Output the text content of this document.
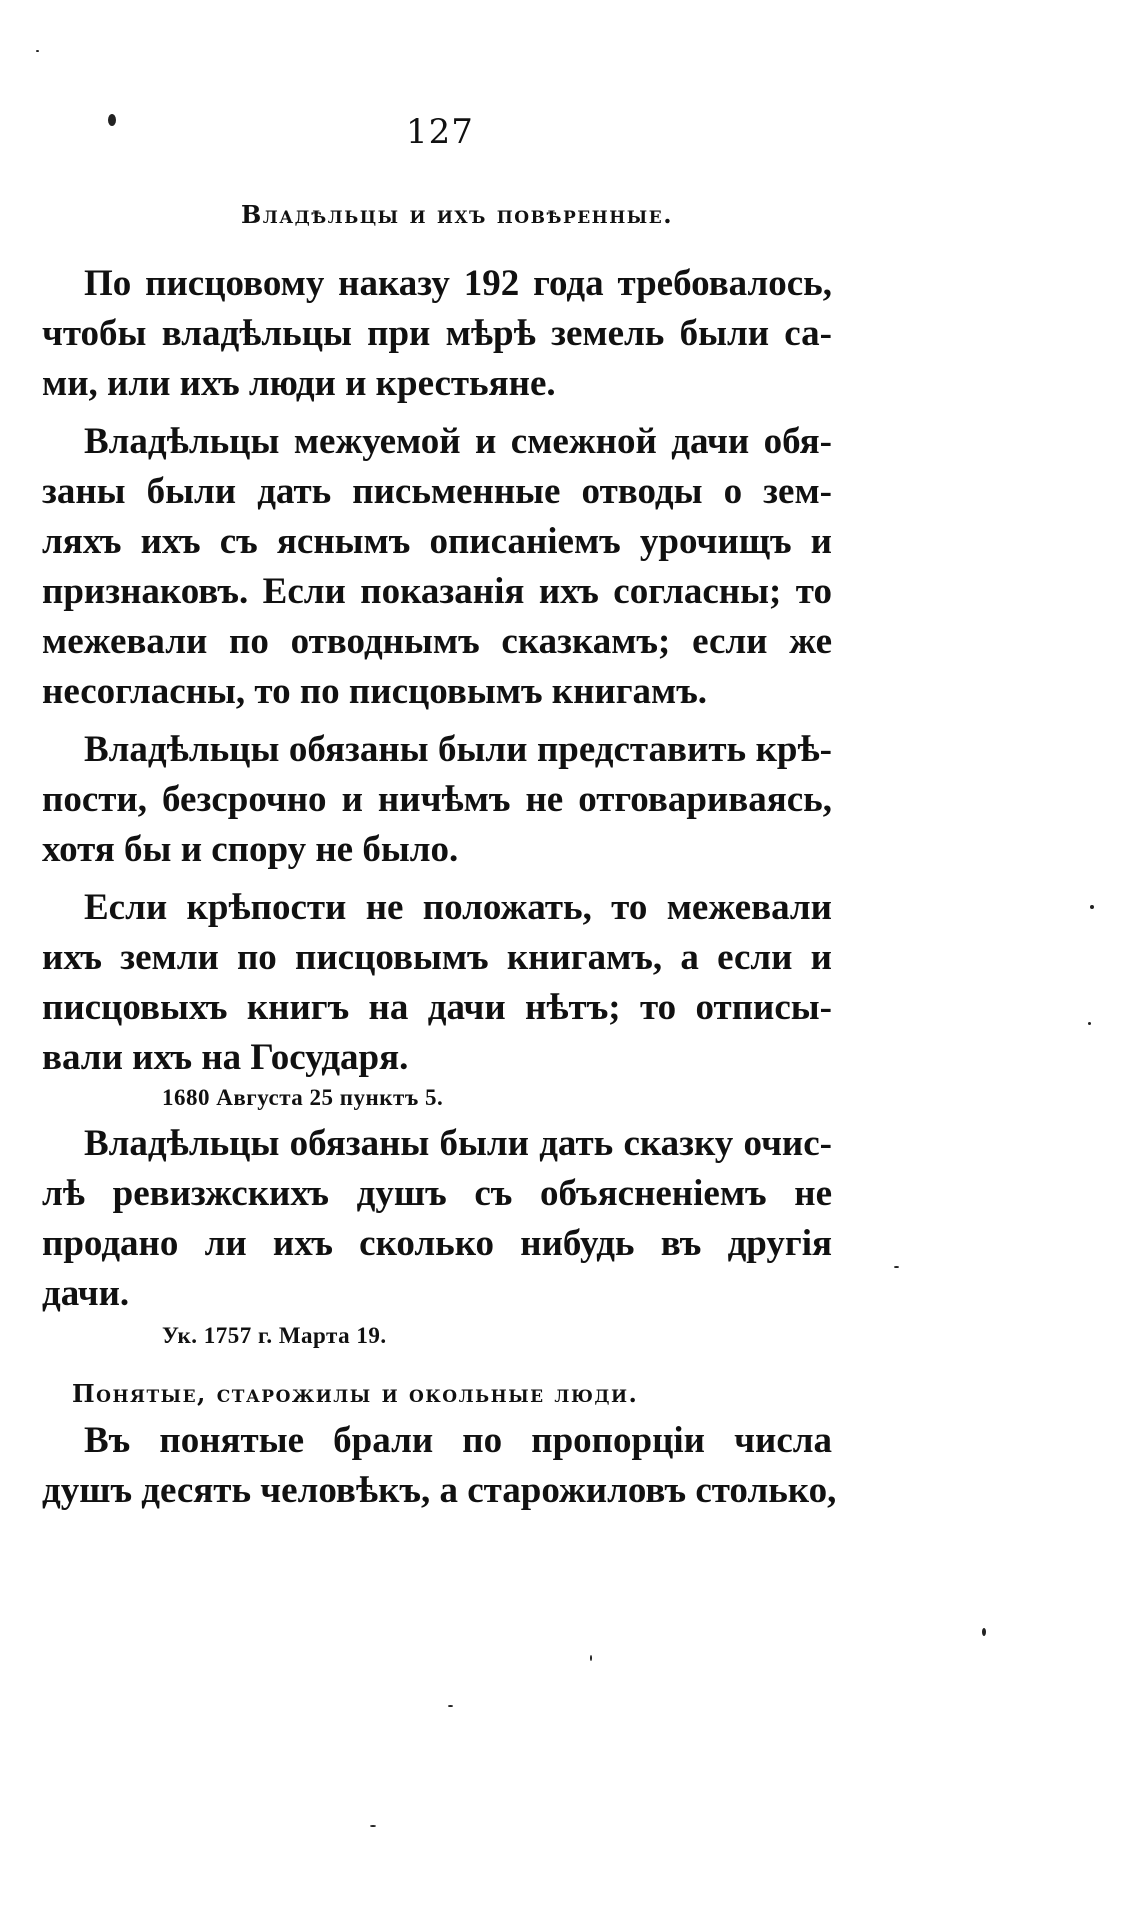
127
Владѣльцы и ихъ повѣренные.

По писцовому наказу 192 года требовалось,
чтобы владѣльцы при мѣрѣ земель были са-
ми, или ихъ люди и крестьяне.

Владѣльцы межуемой и смежной дачи обя-
заны были дать письменные отводы о зем-
ляхъ ихъ съ яснымъ описанiемъ урочищъ и
признаковъ. Если показанiя ихъ согласны; то
межевали по отводнымъ сказкамъ; если же
несогласны, то по писцовымъ книгамъ.

Владѣльцы обязаны были представить крѣ-
пости, безсрочно и ничѣмъ не отговариваясь,
хотя бы и спору не было.

Если крѣпости не положать, то межевали
ихъ земли по писцовымъ книгамъ, а если и
писцовыхъ книгъ на дачи нѣтъ; то отписы-
вали ихъ на Государя.

1680 Августа 25 пунктъ 5.

Владѣльцы обязаны были дать сказку очис-
лѣ ревизжскихъ душъ съ объясненiемъ не
продано ли ихъ сколько нибудь въ другiя
дачи.

Ук. 1757 г. Марта 19.
Понятые, старожилы и окольные люди.

Въ понятые брали по пропорцiи числа
душъ десять человѣкъ, а старожиловъ столько,
